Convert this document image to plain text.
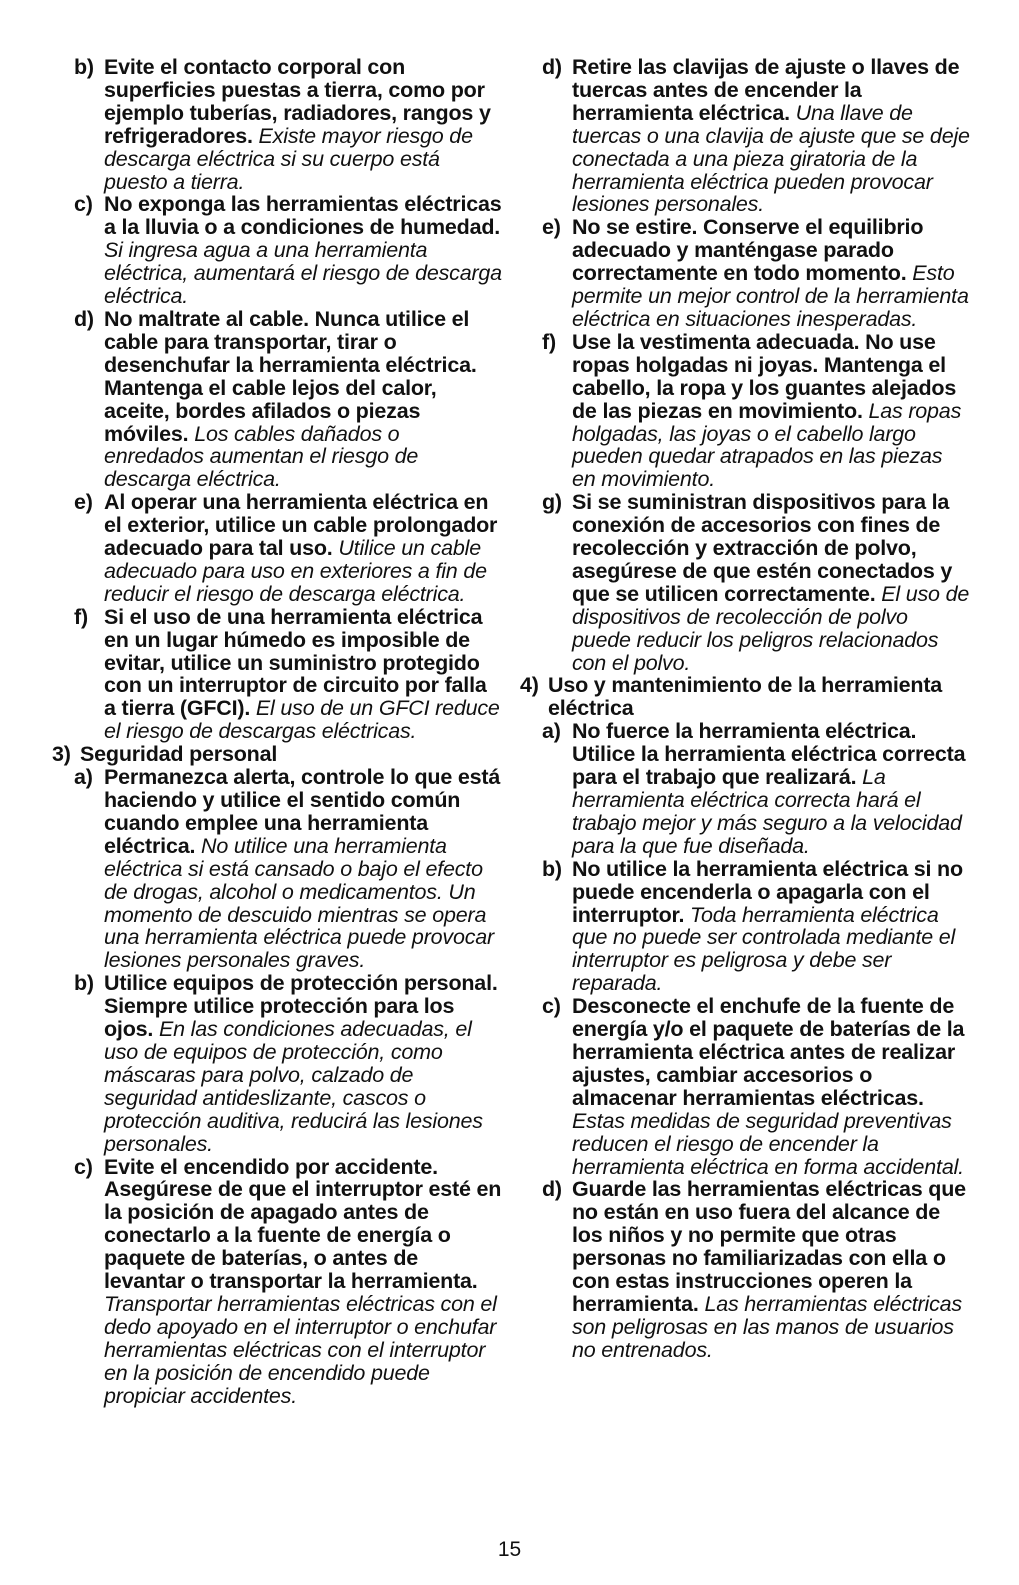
b) Evite el contacto corporal con superficies puestas a tierra, como por ejemplo tuberías, radiadores, rangos y refrigeradores. Existe mayor riesgo de descarga eléctrica si su cuerpo está puesto a tierra.
c) No exponga las herramientas eléctricas a la lluvia o a condiciones de humedad. Si ingresa agua a una herramienta eléctrica, aumentará el riesgo de descarga eléctrica.
d) No maltrate al cable. Nunca utilice el cable para transportar, tirar o desenchufar la herramienta eléctrica. Mantenga el cable lejos del calor, aceite, bordes afilados o piezas móviles. Los cables dañados o enredados aumentan el riesgo de descarga eléctrica.
e) Al operar una herramienta eléctrica en el exterior, utilice un cable prolongador adecuado para tal uso. Utilice un cable adecuado para uso en exteriores a fin de reducir el riesgo de descarga eléctrica.
f) Si el uso de una herramienta eléctrica en un lugar húmedo es imposible de evitar, utilice un suministro protegido con un interruptor de circuito por falla a tierra (GFCI). El uso de un GFCI reduce el riesgo de descargas eléctricas.
3) Seguridad personal
a) Permanezca alerta, controle lo que está haciendo y utilice el sentido común cuando emplee una herramienta eléctrica. No utilice una herramienta eléctrica si está cansado o bajo el efecto de drogas, alcohol o medicamentos. Un momento de descuido mientras se opera una herramienta eléctrica puede provocar lesiones personales graves.
b) Utilice equipos de protección personal. Siempre utilice protección para los ojos. En las condiciones adecuadas, el uso de equipos de protección, como máscaras para polvo, calzado de seguridad antideslizante, cascos o protección auditiva, reducirá las lesiones personales.
c) Evite el encendido por accidente. Asegúrese de que el interruptor esté en la posición de apagado antes de conectarlo a la fuente de energía o paquete de baterías, o antes de levantar o transportar la herramienta. Transportar herramientas eléctricas con el dedo apoyado en el interruptor o enchufar herramientas eléctricas con el interruptor en la posición de encendido puede propiciar accidentes.
d) Retire las clavijas de ajuste o llaves de tuercas antes de encender la herramienta eléctrica. Una llave de tuercas o una clavija de ajuste que se deje conectada a una pieza giratoria de la herramienta eléctrica pueden provocar lesiones personales.
e) No se estire. Conserve el equilibrio adecuado y manténgase parado correctamente en todo momento. Esto permite un mejor control de la herramienta eléctrica en situaciones inesperadas.
f) Use la vestimenta adecuada. No use ropas holgadas ni joyas. Mantenga el cabello, la ropa y los guantes alejados de las piezas en movimiento. Las ropas holgadas, las joyas o el cabello largo pueden quedar atrapados en las piezas en movimiento.
g) Si se suministran dispositivos para la conexión de accesorios con fines de recolección y extracción de polvo, asegúrese de que estén conectados y que se utilicen correctamente. El uso de dispositivos de recolección de polvo puede reducir los peligros relacionados con el polvo.
4) Uso y mantenimiento de la herramienta eléctrica
a) No fuerce la herramienta eléctrica. Utilice la herramienta eléctrica correcta para el trabajo que realizará. La herramienta eléctrica correcta hará el trabajo mejor y más seguro a la velocidad para la que fue diseñada.
b) No utilice la herramienta eléctrica si no puede encenderla o apagarla con el interruptor. Toda herramienta eléctrica que no puede ser controlada mediante el interruptor es peligrosa y debe ser reparada.
c) Desconecte el enchufe de la fuente de energía y/o el paquete de baterías de la herramienta eléctrica antes de realizar ajustes, cambiar accesorios o almacenar herramientas eléctricas. Estas medidas de seguridad preventivas reducen el riesgo de encender la herramienta eléctrica en forma accidental.
d) Guarde las herramientas eléctricas que no están en uso fuera del alcance de los niños y no permite que otras personas no familiarizadas con ella o con estas instrucciones operen la herramienta. Las herramientas eléctricas son peligrosas en las manos de usuarios no entrenados.
15
